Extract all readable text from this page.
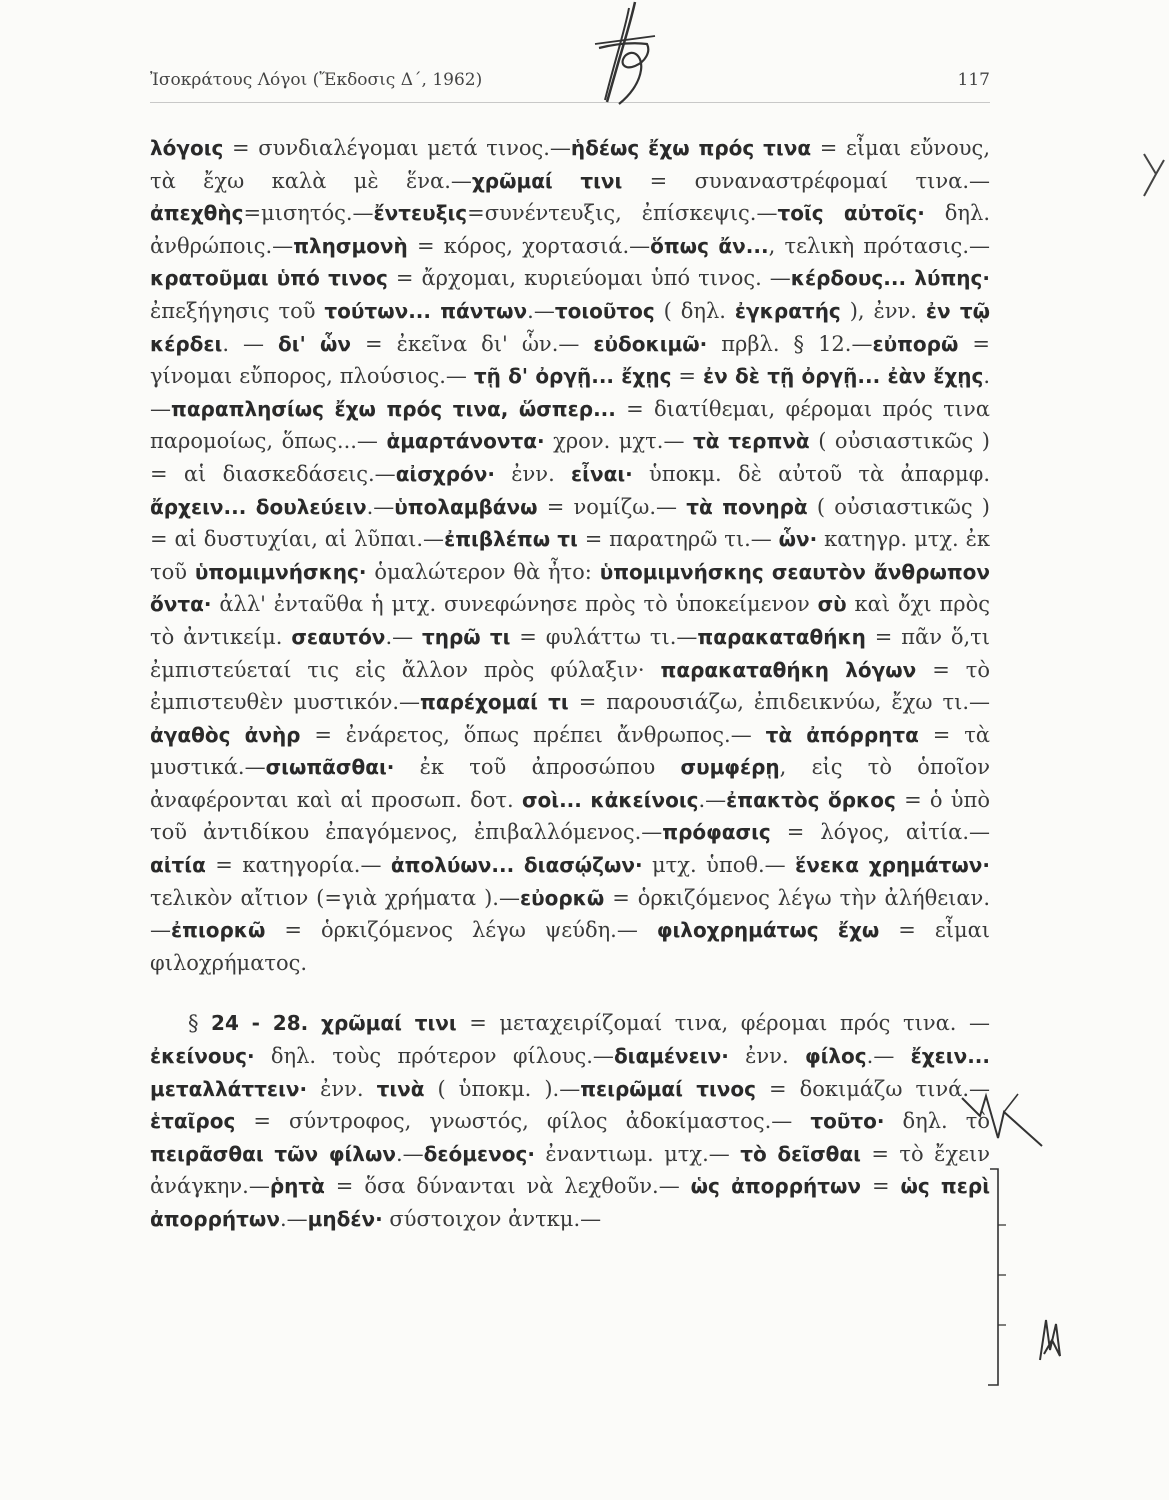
Ἰσοκράτους Λόγοι (Ἔκδοσις Δ΄, 1962)	117

λόγοις = συνδιαλέγομαι μετά τινος.—ἡδέως ἔχω πρός τινα = εἶμαι εὔνους, τὰ ἔχω καλὰ μὲ ἕνα.—χρῶμαί τινι = συναναστρέφομαί τινα.—ἀπεχθὴς=μισητός.—ἔντευξις=συνέντευξις, ἐπίσκεψις.—τοῖς αὐτοῖς· δηλ. ἀνθρώποις.—πλησμονὴ = κόρος, χορτασιά.—ὅπως ἄν..., τελικὴ πρότασις.—κρατοῦμαι ὑπό τινος = ἄρχομαι, κυριεύομαι ὑπό τινος. —κέρδους... λύπης· ἐπεξήγησις τοῦ τούτων... πάντων.—τοιοῦτος ( δηλ. ἐγκρατής ), ἐνν. ἐν τῷ κέρδει. — δι' ὧν = ἐκεῖνα δι' ὧν.— εὐδοκιμῶ· πρβλ. § 12.—εὐπορῶ = γίνομαι εὔπορος, πλούσιος.— τῇ δ' ὀργῇ... ἔχῃς = ἐν δὲ τῇ ὀργῇ... ἐὰν ἔχῃς.—παραπλησίως ἔχω πρός τινα, ὥσπερ... = διατίθεμαι, φέρομαι πρός τινα παρομοίως, ὅπως...— ἁμαρτάνοντα· χρον. μχτ.— τὰ τερπνὰ ( οὐσιαστικῶς ) = αἱ διασκεδάσεις.—αἰσχρόν· ἐνν. εἶναι· ὑποκμ. δὲ αὐτοῦ τὰ ἀπαρμφ. ἄρχειν... δουλεύειν.—ὑπολαμβάνω = νομίζω.— τὰ πονηρὰ ( οὐσιαστικῶς ) = αἱ δυστυχίαι, αἱ λῦπαι.—ἐπιβλέπω τι = παρατηρῶ τι.— ὧν· κατηγρ. μτχ. ἐκ τοῦ ὑπομιμνήσκης· ὁμαλώτερον θὰ ἦτο: ὑπομιμνήσκης σεαυτὸν ἄνθρωπον ὄντα· ἀλλ' ἐνταῦθα ἡ μτχ. συνεφώνησε πρὸς τὸ ὑποκείμενον σὺ καὶ ὄχι πρὸς τὸ ἀντικείμ. σεαυτόν.— τηρῶ τι = φυλάττω τι.—παρακαταθήκη = πᾶν ὅ,τι ἐμπιστεύεταί τις εἰς ἄλλον πρὸς φύλαξιν· παρακαταθήκη λόγων = τὸ ἐμπιστευθὲν μυστικόν.—παρέχομαί τι = παρουσιάζω, ἐπιδεικνύω, ἔχω τι.—ἀγαθὸς ἀνὴρ = ἐνάρετος, ὅπως πρέπει ἄνθρωπος.— τὰ ἀπόρρητα = τὰ μυστικά.—σιωπᾶσθαι· ἐκ τοῦ ἀπροσώπου συμφέρῃ, εἰς τὸ ὁποῖον ἀναφέρονται καὶ αἱ προσωπ. δοτ. σοὶ... κἀκείνοις.—ἐπακτὸς ὅρκος = ὁ ὑπὸ τοῦ ἀντιδίκου ἐπαγόμενος, ἐπιβαλλόμενος.—πρόφασις = λόγος, αἰτία.— αἰτία = κατηγορία.— ἀπολύων... διασῴζων· μτχ. ὑποθ.— ἕνεκα χρημάτων· τελικὸν αἴτιον (=γιὰ χρήματα ).—εὐορκῶ = ὁρκιζόμενος λέγω τὴν ἀλήθειαν.—ἐπιορκῶ = ὁρκιζόμενος λέγω ψεύδη.— φιλοχρημάτως ἔχω = εἶμαι φιλοχρήματος.

§ 24 - 28. χρῶμαί τινι = μεταχειρίζομαί τινα, φέρομαι πρός τινα. —ἐκείνους· δηλ. τοὺς πρότερον φίλους.—διαμένειν· ἐνν. φίλος.— ἔχειν... μεταλλάττειν· ἐνν. τινὰ ( ὑποκμ. ).—πειρῶμαί τινος = δοκιμάζω τινά.—ἑταῖρος = σύντροφος, γνωστός, φίλος ἀδοκίμαστος.— τοῦτο· δηλ. τὸ πειρᾶσθαι τῶν φίλων.—δεόμενος· ἐναντιωμ. μτχ.— τὸ δεῖσθαι = τὸ ἔχειν ἀνάγκην.—ῥητὰ = ὅσα δύνανται νὰ λεχθοῦν.— ὡς ἀπορρήτων = ὡς περὶ ἀπορρήτων.—μηδέν· σύστοιχον ἀντκμ.—
